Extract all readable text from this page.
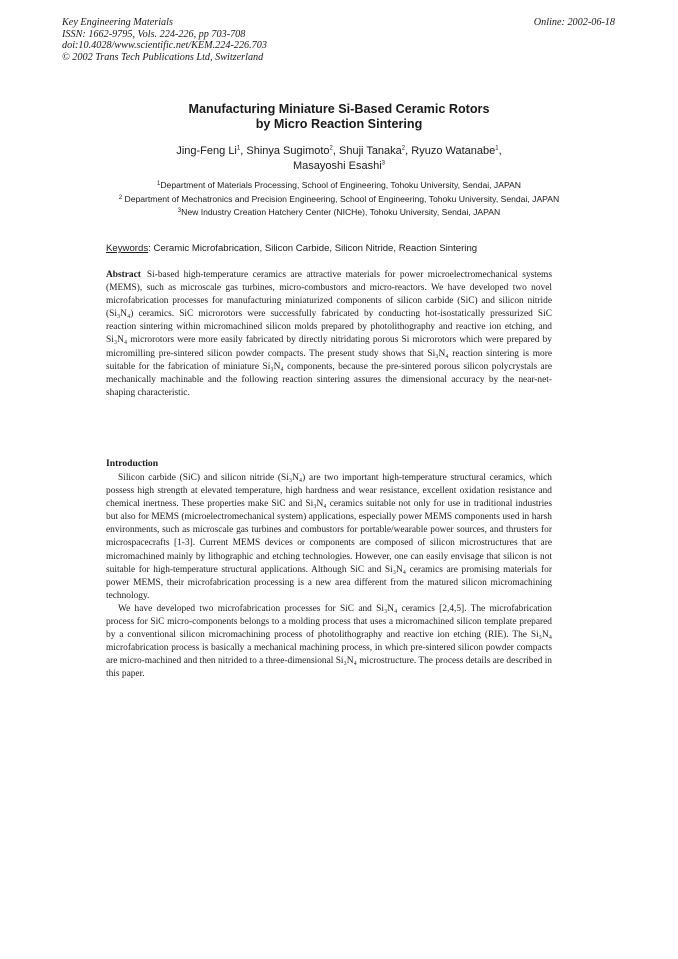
Key Engineering Materials
ISSN: 1662-9795, Vols. 224-226, pp 703-708
doi:10.4028/www.scientific.net/KEM.224-226.703
© 2002 Trans Tech Publications Ltd, Switzerland
Online: 2002-06-18
Manufacturing Miniature Si-Based Ceramic Rotors
by Micro Reaction Sintering
Jing-Feng Li$^1$, Shinya Sugimoto$^2$, Shuji Tanaka$^2$, Ryuzo Watanabe$^1$,
Masayoshi Esashi$^3$
$^1$Department of Materials Processing, School of Engineering, Tohoku University, Sendai, JAPAN
$^2$ Department of Mechatronics and Precision Engineering, School of Engineering, Tohoku University, Sendai, JAPAN
$^3$New Industry Creation Hatchery Center (NICHe), Tohoku University, Sendai, JAPAN
Keywords: Ceramic Microfabrication, Silicon Carbide, Silicon Nitride, Reaction Sintering
Abstract Si-based high-temperature ceramics are attractive materials for power microelectromechanical systems (MEMS), such as microscale gas turbines, micro-combustors and micro-reactors. We have developed two novel microfabrication processes for manufacturing miniaturized components of silicon carbide (SiC) and silicon nitride (Si₃N₄) ceramics. SiC microrotors were successfully fabricated by conducting hot-isostatically pressurized SiC reaction sintering within micromachined silicon molds prepared by photolithography and reactive ion etching, and Si₃N₄ microrotors were more easily fabricated by directly nitridating porous Si microrotors which were prepared by micromilling pre-sintered silicon powder compacts. The present study shows that Si₃N₄ reaction sintering is more suitable for the fabrication of miniature Si₃N₄ components, because the pre-sintered porous silicon polycrystals are mechanically machinable and the following reaction sintering assures the dimensional accuracy by the near-net-shaping characteristic.
Introduction

Silicon carbide (SiC) and silicon nitride (Si₃N₄) are two important high-temperature structural ceramics, which possess high strength at elevated temperature, high hardness and wear resistance, excellent oxidation resistance and chemical inertness. These properties make SiC and Si₃N₄ ceramics suitable not only for use in traditional industries but also for MEMS (microelectromechanical system) applications, especially power MEMS components used in harsh environments, such as microscale gas turbines and combustors for portable/wearable power sources, and thrusters for microspacecrafts [1-3]. Current MEMS devices or components are composed of silicon microstructures that are micromachined mainly by lithographic and etching technologies. However, one can easily envisage that silicon is not suitable for high-temperature structural applications. Although SiC and Si₃N₄ ceramics are promising materials for power MEMS, their microfabrication processing is a new area different from the matured silicon micromachining technology.

We have developed two microfabrication processes for SiC and Si₃N₄ ceramics [2,4,5]. The microfabrication process for SiC micro-components belongs to a molding process that uses a micromachined silicon template prepared by a conventional silicon micromachining process of photolithography and reactive ion etching (RIE). The Si₃N₄ microfabrication process is basically a mechanical machining process, in which pre-sintered silicon powder compacts are micro-machined and then nitrided to a three-dimensional Si₃N₄ microstructure. The process details are described in this paper.
